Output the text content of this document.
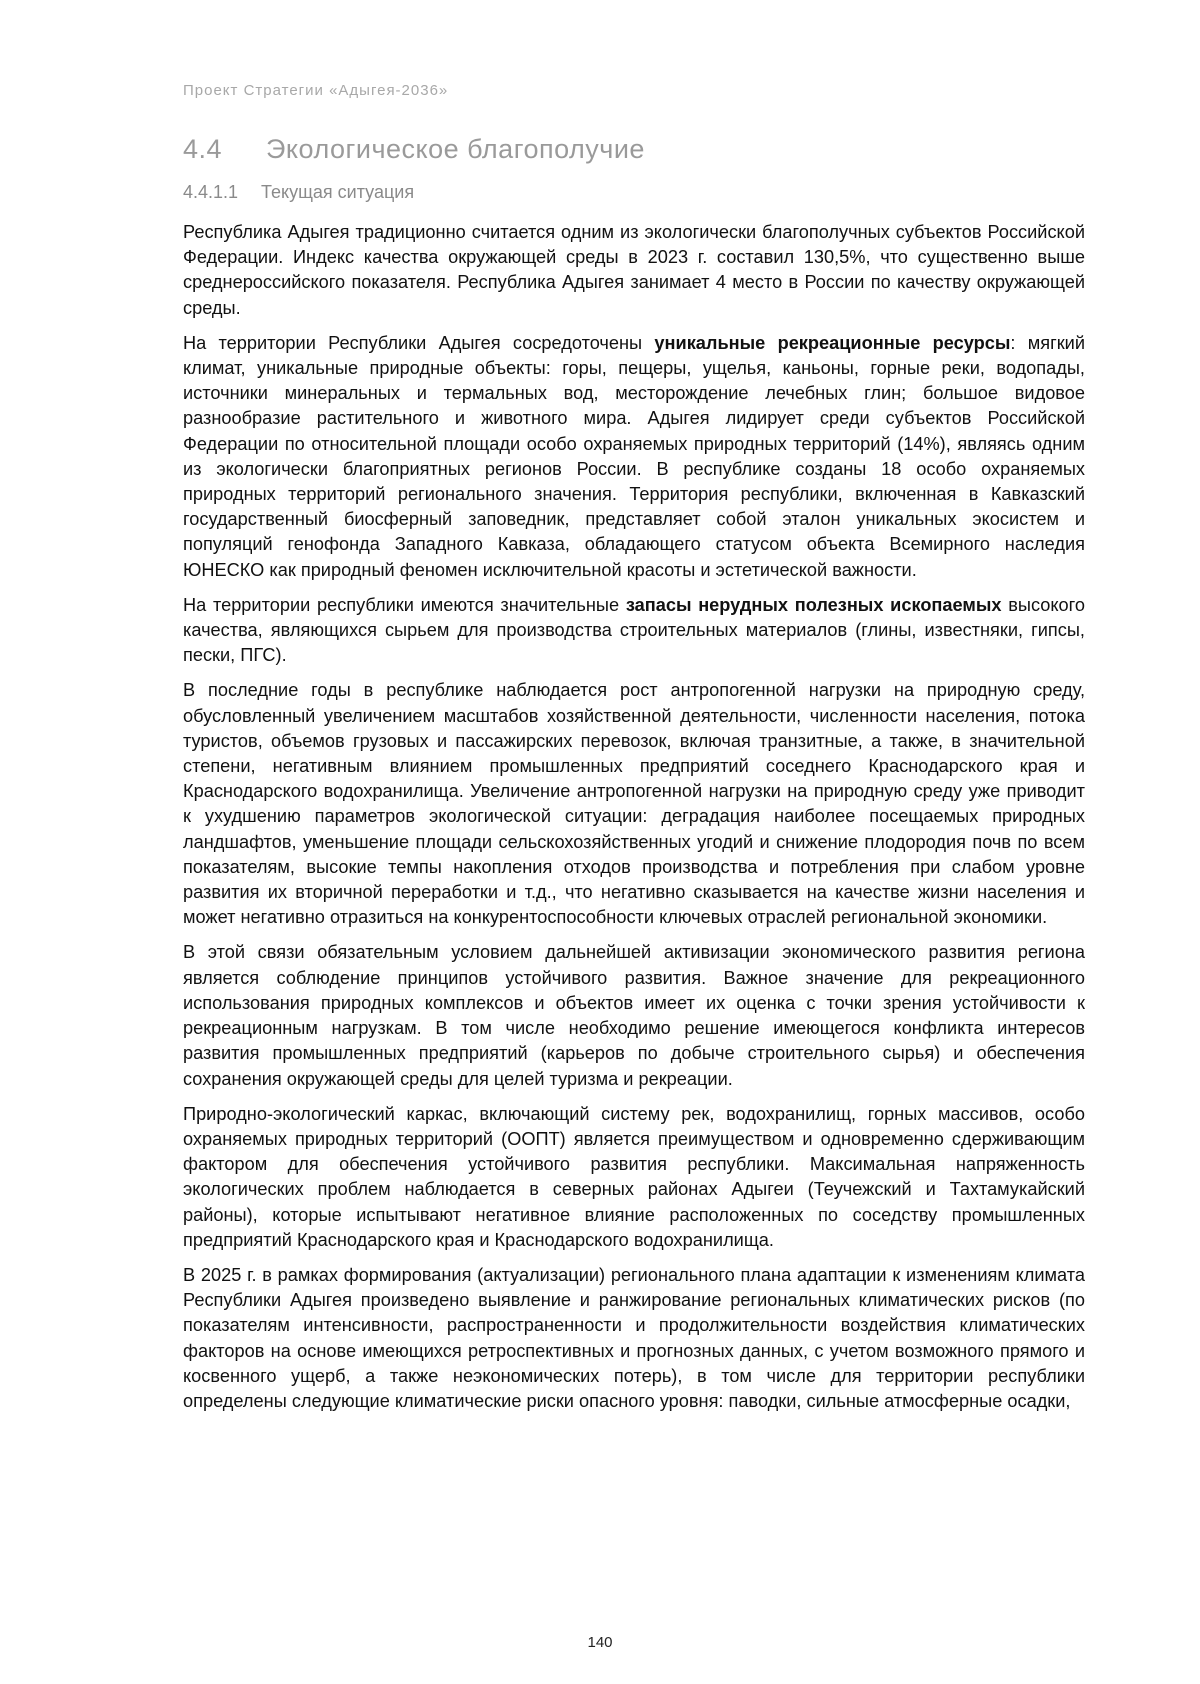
Проект Стратегии «Адыгея-2036»
4.4 Экологическое благополучие
4.4.1.1 Текущая ситуация

Республика Адыгея традиционно считается одним из экологически благополучных субъектов Российской Федерации. Индекс качества окружающей среды в 2023 г. составил 130,5%, что существенно выше среднероссийского показателя. Республика Адыгея занимает 4 место в России по качеству окружающей среды.

На территории Республики Адыгея сосредоточены уникальные рекреационные ресурсы: мягкий климат, уникальные природные объекты: горы, пещеры, ущелья, каньоны, горные реки, водопады, источники минеральных и термальных вод, месторождение лечебных глин; большое видовое разнообразие растительного и животного мира. Адыгея лидирует среди субъектов Российской Федерации по относительной площади особо охраняемых природных территорий (14%), являясь одним из экологически благоприятных регионов России. В республике созданы 18 особо охраняемых природных территорий регионального значения. Территория республики, включенная в Кавказский государственный биосферный заповедник, представляет собой эталон уникальных экосистем и популяций генофонда Западного Кавказа, обладающего статусом объекта Всемирного наследия ЮНЕСКО как природный феномен исключительной красоты и эстетической важности.

На территории республики имеются значительные запасы нерудных полезных ископаемых высокого качества, являющихся сырьем для производства строительных материалов (глины, известняки, гипсы, пески, ПГС).

В последние годы в республике наблюдается рост антропогенной нагрузки на природную среду, обусловленный увеличением масштабов хозяйственной деятельности, численности населения, потока туристов, объемов грузовых и пассажирских перевозок, включая транзитные, а также, в значительной степени, негативным влиянием промышленных предприятий соседнего Краснодарского края и Краснодарского водохранилища. Увеличение антропогенной нагрузки на природную среду уже приводит к ухудшению параметров экологической ситуации: деградация наиболее посещаемых природных ландшафтов, уменьшение площади сельскохозяйственных угодий и снижение плодородия почв по всем показателям, высокие темпы накопления отходов производства и потребления при слабом уровне развития их вторичной переработки и т.д., что негативно сказывается на качестве жизни населения и может негативно отразиться на конкурентоспособности ключевых отраслей региональной экономики.

В этой связи обязательным условием дальнейшей активизации экономического развития региона является соблюдение принципов устойчивого развития. Важное значение для рекреационного использования природных комплексов и объектов имеет их оценка с точки зрения устойчивости к рекреационным нагрузкам. В том числе необходимо решение имеющегося конфликта интересов развития промышленных предприятий (карьеров по добыче строительного сырья) и обеспечения сохранения окружающей среды для целей туризма и рекреации.

Природно-экологический каркас, включающий систему рек, водохранилищ, горных массивов, особо охраняемых природных территорий (ООПТ) является преимуществом и одновременно сдерживающим фактором для обеспечения устойчивого развития республики. Максимальная напряженность экологических проблем наблюдается в северных районах Адыгеи (Теучежский и Тахтамукайский районы), которые испытывают негативное влияние расположенных по соседству промышленных предприятий Краснодарского края и Краснодарского водохранилища.

В 2025 г. в рамках формирования (актуализации) регионального плана адаптации к изменениям климата Республики Адыгея произведено выявление и ранжирование региональных климатических рисков (по показателям интенсивности, распространенности и продолжительности воздействия климатических факторов на основе имеющихся ретроспективных и прогнозных данных, с учетом возможного прямого и косвенного ущерб, а также неэкономических потерь), в том числе для территории республики определены следующие климатические риски опасного уровня: паводки, сильные атмосферные осадки,

140
